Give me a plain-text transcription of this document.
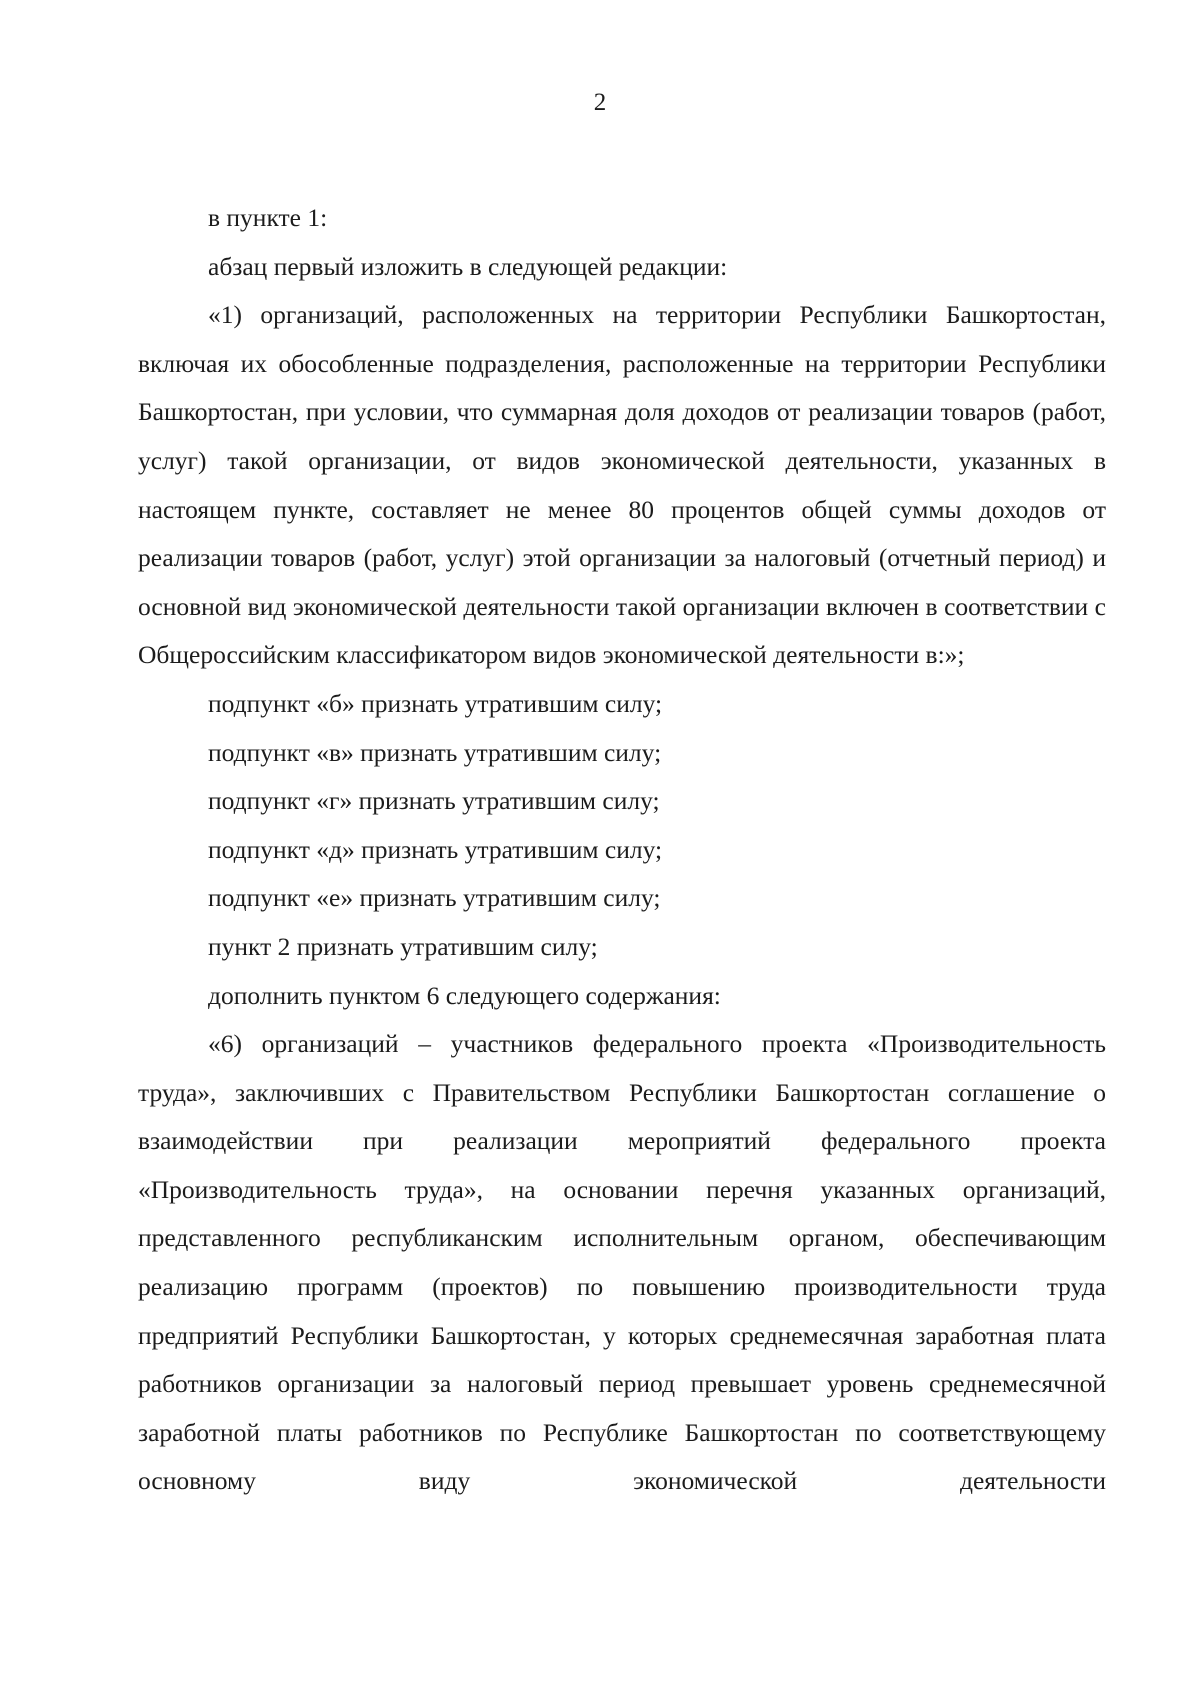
2

в пункте 1:

абзац первый изложить в следующей редакции:

«1) организаций, расположенных на территории Республики Башкортостан, включая их обособленные подразделения, расположенные на территории Республики Башкортостан, при условии, что суммарная доля доходов от реализации товаров (работ, услуг) такой организации, от видов экономической деятельности, указанных в настоящем пункте, составляет не менее 80 процентов общей суммы доходов от реализации товаров (работ, услуг) этой организации за налоговый (отчетный период) и основной вид экономической деятельности такой организации включен в соответствии с Общероссийским классификатором видов экономической деятельности в:»;

подпункт «б» признать утратившим силу;

подпункт «в» признать утратившим силу;

подпункт «г» признать утратившим силу;

подпункт «д» признать утратившим силу;

подпункт «е» признать утратившим силу;

пункт 2 признать утратившим силу;

дополнить пунктом 6 следующего содержания:

«6) организаций – участников федерального проекта «Производительность труда», заключивших с Правительством Республики Башкортостан соглашение о взаимодействии при реализации мероприятий федерального проекта «Производительность труда», на основании перечня указанных организаций, представленного республиканским исполнительным органом, обеспечивающим реализацию программ (проектов) по повышению производительности труда предприятий Республики Башкортостан, у которых среднемесячная заработная плата работников организации за налоговый период превышает уровень среднемесячной заработной платы работников по Республике Башкортостан по соответствующему основному виду экономической деятельности
